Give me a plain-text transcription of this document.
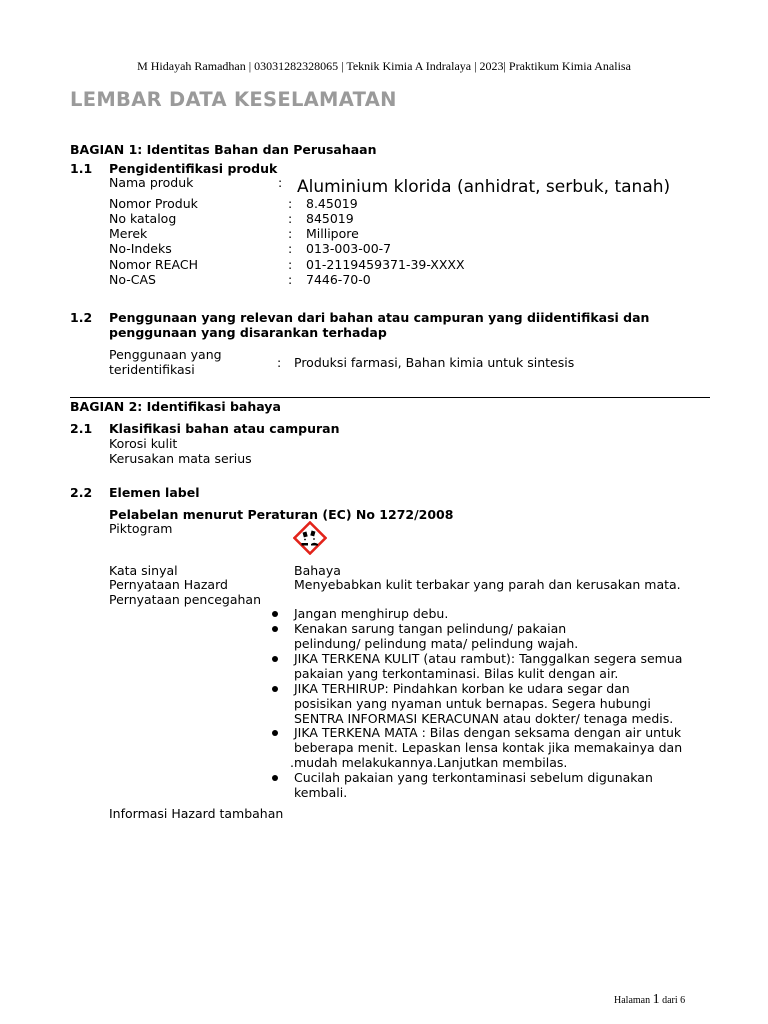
M Hidayah Ramadhan | 03031282328065 | Teknik Kimia A Indralaya | 2023| Praktikum Kimia Analisa
LEMBAR DATA KESELAMATAN
BAGIAN 1: Identitas Bahan dan Perusahaan
1.1 Pengidentifikasi produk
Nama produk	: Aluminium klorida (anhidrat, serbuk, tanah)
Nomor Produk	: 8.45019
No katalog	: 845019
Merek	: Millipore
No-Indeks	: 013-003-00-7
Nomor REACH	: 01-2119459371-39-XXXX
No-CAS	: 7446-70-0
1.2 Penggunaan yang relevan dari bahan atau campuran yang diidentifikasi dan
penggunaan yang disarankan terhadap
Penggunaan yang
teridentifikasi	: Produksi farmasi, Bahan kimia untuk sintesis
BAGIAN 2: Identifikasi bahaya
2.1 Klasifikasi bahan atau campuran
Korosi kulit
Kerusakan mata serius
2.2 Elemen label
Pelabelan menurut Peraturan (EC) No 1272/2008
Piktogram
Kata sinyal	Bahaya
Pernyataan Hazard	Menyebabkan kulit terbakar yang parah dan kerusakan mata.
Pernyataan pencegahan
Jangan menghirup debu.
Kenakan sarung tangan pelindung/ pakaian
pelindung/ pelindung mata/ pelindung wajah.
JIKA TERKENA KULIT (atau rambut): Tanggalkan segera semua
pakaian yang terkontaminasi. Bilas kulit dengan air.
JIKA TERHIRUP: Pindahkan korban ke udara segar dan
posisikan yang nyaman untuk bernapas. Segera hubungi
SENTRA INFORMASI KERACUNAN atau dokter/ tenaga medis.
JIKA TERKENA MATA : Bilas dengan seksama dengan air untuk
beberapa menit. Lepaskan lensa kontak jika memakainya dan
.mudah melakukannya.Lanjutkan membilas.
Cucilah pakaian yang terkontaminasi sebelum digunakan
kembali.
Informasi Hazard tambahan
Halaman 1 dari 6
